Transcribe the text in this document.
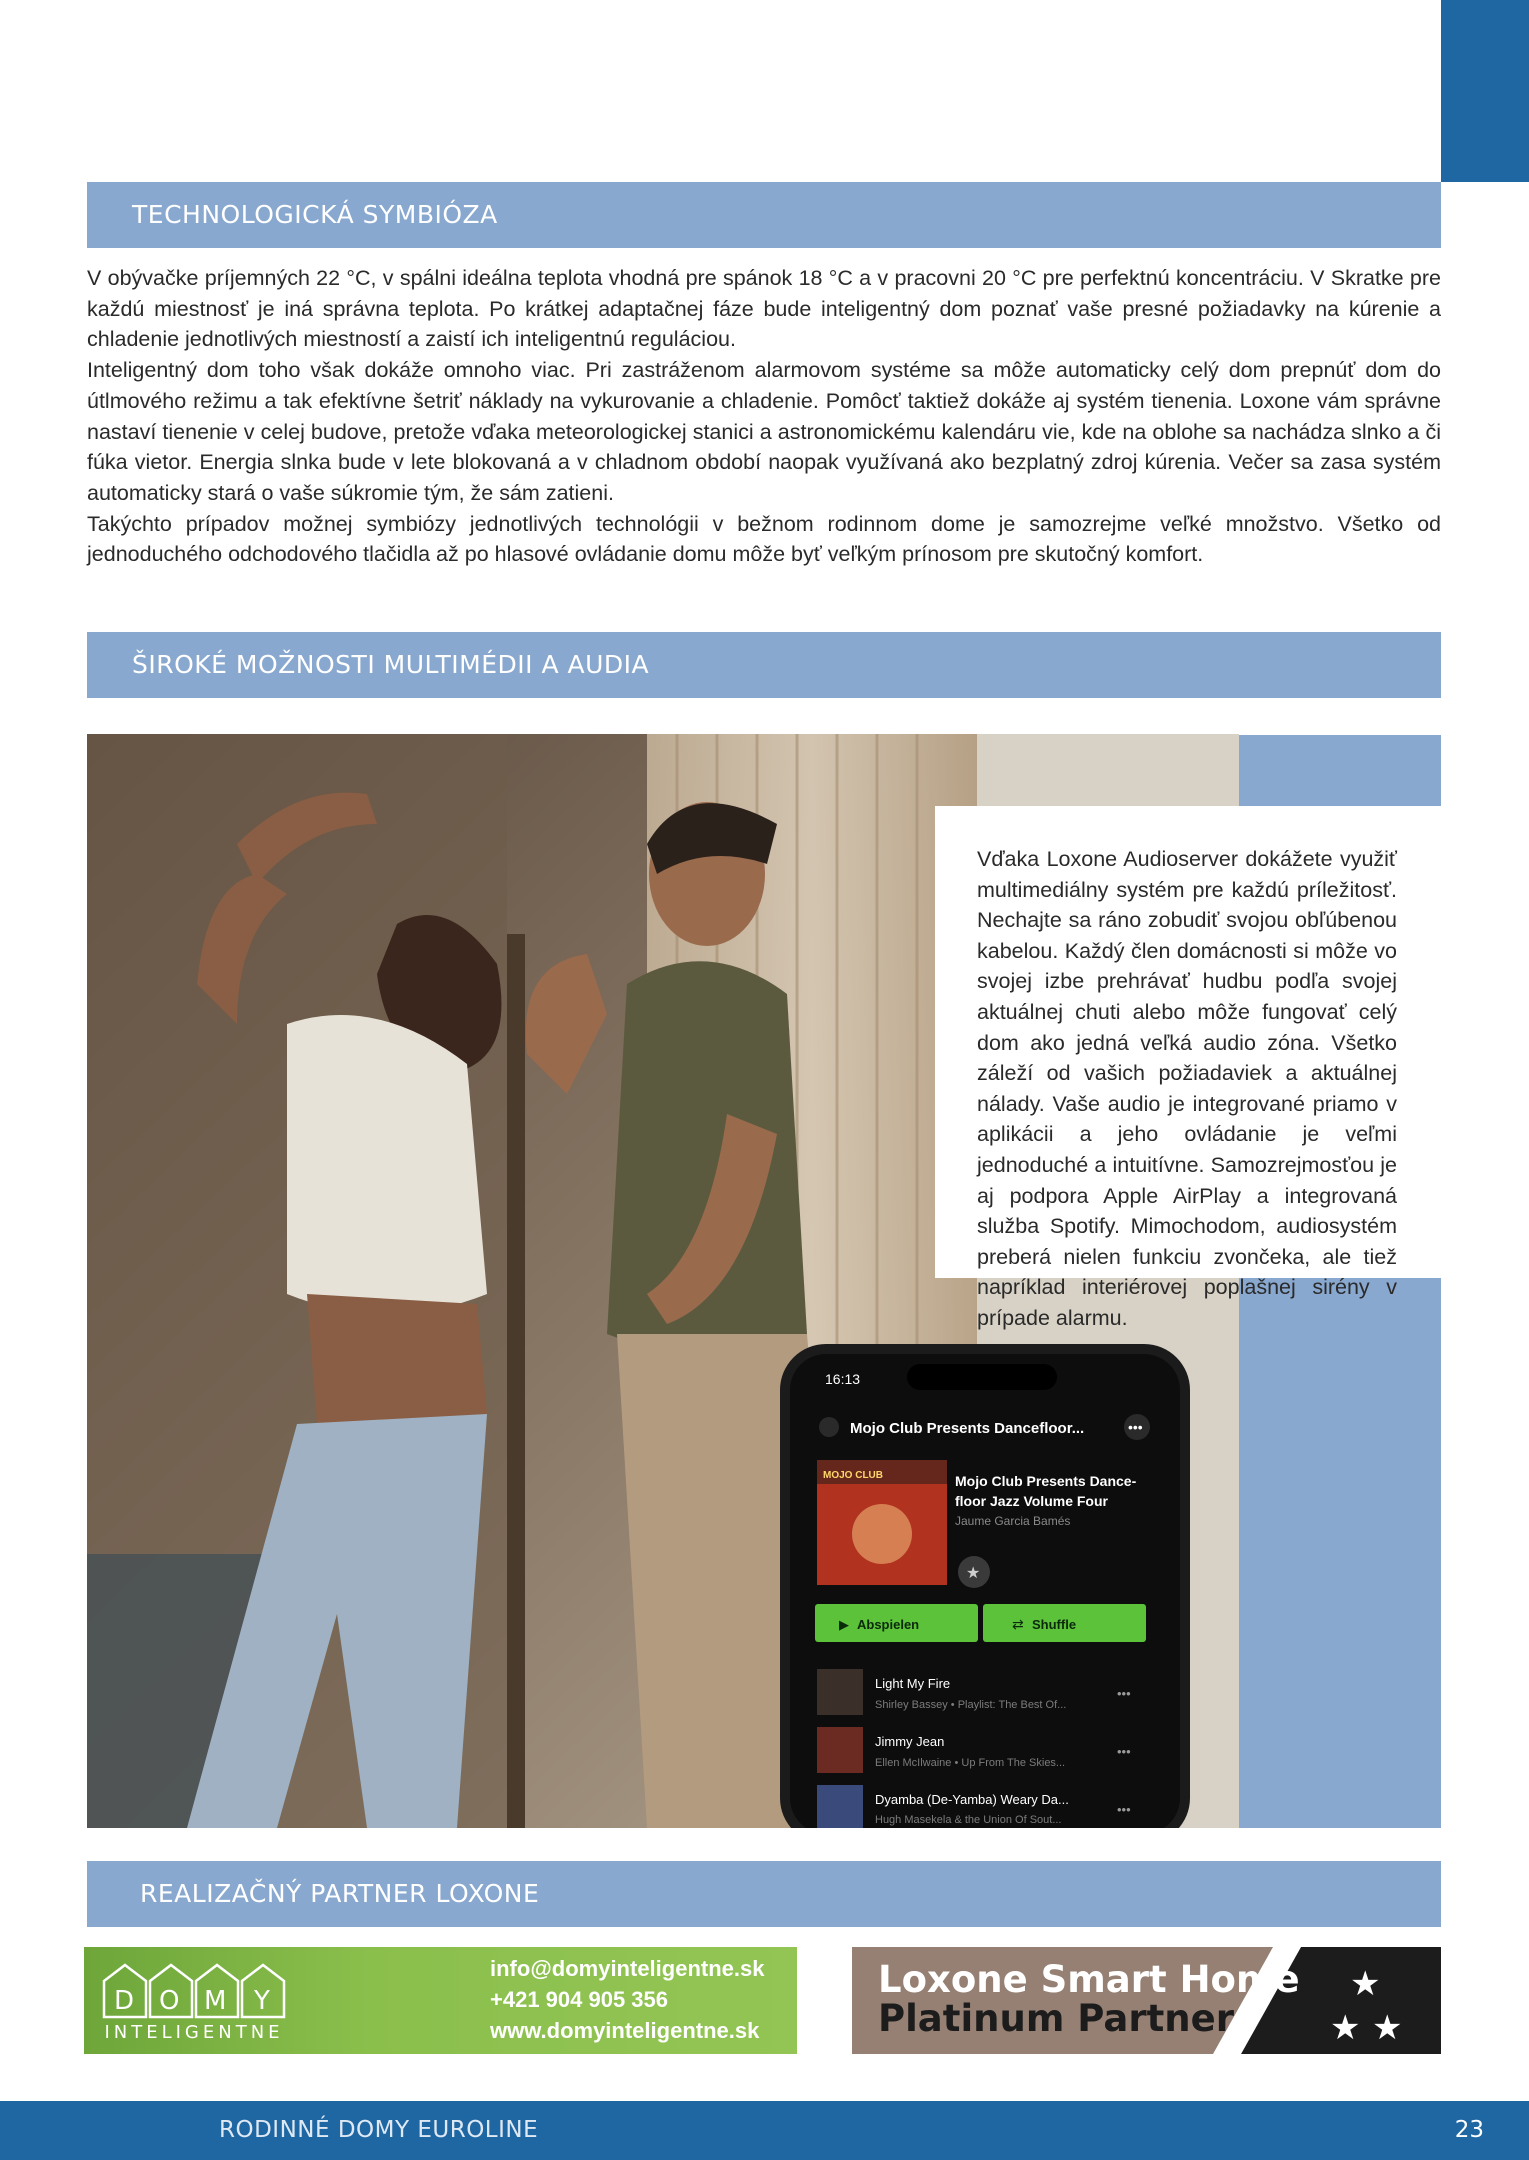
TECHNOLOGICKÁ SYMBIÓZA

V obývačke príjemných 22 °C, v spálni ideálna teplota vhodná pre spánok 18 °C a v pracovni 20 °C pre perfektnú koncentráciu. V Skratke pre každú miestnosť je iná správna teplota. Po krátkej adaptačnej fáze bude inteligentný dom poznať vaše presné požiadavky na kúrenie a chladenie jednotlivých miestností a zaistí ich inteligentnú reguláciou.

Inteligentný dom toho však dokáže omnoho viac. Pri zastráženom alarmovom systéme sa môže automaticky celý dom prepnúť dom do útlmového režimu a tak efektívne šetriť náklady na vykurovanie a chladenie. Pomôcť taktiež dokáže aj systém tienenia. Loxone vám správne nastaví tienenie v celej budove, pretože vďaka meteorologickej stanici a astronomickému kalendáru vie, kde na oblohe sa nachádza slnko a či fúka vietor. Energia slnka bude v lete blokovaná a v chladnom období naopak využívaná ako bezplatný zdroj kúrenia. Večer sa zasa systém automaticky stará o vaše súkromie tým, že sám zatieni.

Takýchto prípadov možnej symbiózy jednotlivých technológii v bežnom rodinnom dome je samozrejme veľké množstvo. Všetko od jednoduchého odchodového tlačidla až po hlasové ovládanie domu môže byť veľkým prínosom pre skutočný komfort.

ŠIROKÉ MOŽNOSTI MULTIMÉDII A AUDIA
16:13
Mojo Club Presents Dancefloor...	•••
MOJO CLUB	Mojo Club Presents Dance-
floor Jazz Volume Four
Jaume Garcia Bamés
★
Abspielen
▶	Shuffle
⇄
Light My Fire
Shirley Bassey • Playlist: The Best Of...
•••
Jimmy Jean
Ellen McIlwaine • Up From The Skies...
•••
Dyamba (De-Yamba) Weary Da...
Hugh Masekela & the Union Of Sout...
•••

Vďaka Loxone Audioserver dokážete využiť multimediálny systém pre každú príležitosť. Nechajte sa ráno zobudiť svojou obľúbenou kabelou. Každý člen domácnosti si môže vo svojej izbe prehrávať hudbu podľa svojej aktuálnej chuti alebo môže fungovať celý dom ako jedná veľká audio zóna. Všetko záleží od vašich požiadaviek a aktuálnej nálady. Vaše audio je integrované priamo v aplikácii a jeho ovládanie je veľmi jednoduché a intuitívne. Samozrejmosťou je aj podpora Apple AirPlay a integrovaná služba Spotify. Mimochodom, audiosystém preberá nielen funkciu zvončeka, ale tiež napríklad interiérovej poplašnej sirény v prípade alarmu.

REALIZAČNÝ PARTNER LOXONE
D O M Y
INTELIGENTNE
info@domyinteligentne.sk
+421 904 905 356
www.domyinteligentne.sk
★
★ ★
Loxone Smart Home
Platinum Partner
RODINNÉ DOMY EUROLINE	23
